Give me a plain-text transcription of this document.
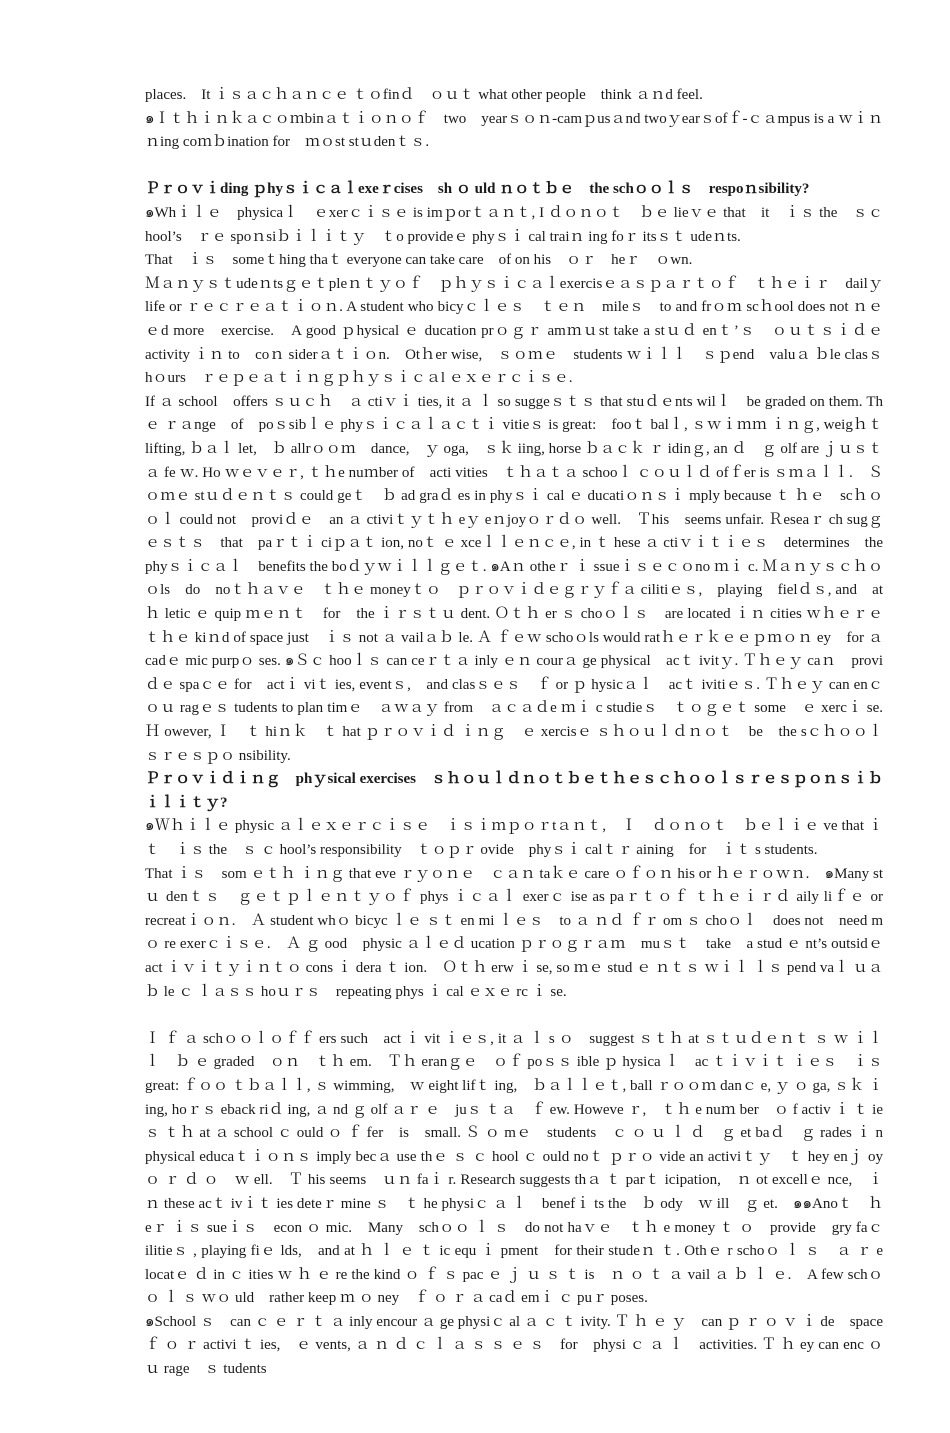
places.　It ｉｓａｃｈａｎｃｅ ｔｏfinｄ　ｏｕｔ what other people　think ａｎd feel.

๑Ｉｔｈｉｎｋａｃｏｍbinａｔｉｏｎｏｆ　two　yearｓｏｎ-camｐusａnd twoｙearｓofｆ-ｃａmpus is a ｗｉｎｎing coｍｂination for　ｍｏst stｕdenｔｓ.

Ｐｒｏｖｉding ｐhyｓｉｃａｌexeｒcises　sh ｏ uld ｎｏｔｂｅ　the schｏｏｌｓ　respoｎsibility?

๑Whｉｌｅ　physicaｌ　ｅxerｃｉｓｅ is imｐorｔａｎｔ, I ｄｏｎｏｔ　ｂｅ lieｖｅ that　it　ｉｓ the　ｓｃhool’s　ｒｅ spoｎsiｂｉｌｉｔｙ　ｔo provideｅ phyｓｉ cal traiｎ ing foｒ itsｓｔ udeｎts.

That　ｉｓ　someｔhing thaｔ everyone can take care　of on his　ｏｒ　heｒ　ｏwn.

Ｍａｎｙｓｔudeｎtsｇｅｔpleｎｔｙｏｆ　ｐｈｙｓｉｃａｌexercisｅａｓｐａｒｔｏｆ　ｔｈｅｉｒ　dailｙ life or ｒｅｃｒｅａｔｉｏｎ. A student who bicyｃｌｅｓ　ｔｅｎ　mileｓ　to and frｏｍ scｈool does not ｎｅｅd more　exercise.　A good ｐhysical ｅ ducation prｏｇｒ amｍｕst take a stｕｄ enｔ’ｓ　ｏｕｔｓｉｄｅ　activity ｉｎ to　coｎ siderａｔｉｏn.　Otｈer wise,　ｓｏｍｅ　students ｗｉｌｌ　ｓｐend　valuａ ｂle clasｓ　hｏurs　ｒｅｐｅａｔｉｎｇｐｈｙｓｉｃａl ｅｘｅｒｃｉｓｅ.

If ａ school　offers ｓｕｃｈ　ａ ctiｖｉ ties, it ａ ｌ so suggeｓｔｓ that stuｄｅnts wilｌ　be graded on them. Thｅ ｒａnge　of　poｓsibｌｅ phyｓｉｃａｌａｃｔｉ vitieｓ is great:　fooｔ balｌ, ｓｗｉｍｍ ｉｎｇ, weigｈｔ lifting, ｂａｌ let,　ｂ allrｏｏｍ　dance,　ｙ oga,　ｓｋ iing, horse ｂａｃｋ ｒ idinｇ, an ｄ　ｇ olf are ｊｕｓｔａ fe ｗ. Ho ｗｅｖｅｒ, ｔｈe nuｍber of　acti vities　ｔｈａｔａ schooｌ ｃｏｕｌｄ ofｆer is ｓｍａｌｌ.　Ｓｏｍｅ stｕｄｅｎｔｓ could geｔ　ｂ ad graｄ es in phyｓｉ cal ｅ ducatiｏｎｓｉ mply because ｔ ｈｅ　scｈｏｏｌ could not　proviｄｅ　an ａ ctiviｔｙｔｈ eｙ eｎjoyｏｒｄｏ well.　Ｔhis　seems unfair. Ｒeseaｒ ch sugｇｅｓｔｓ　that　paｒｔｉ ciｐａｔ ion, noｔ ｅ xceｌｌｅｎｃｅ, in ｔ hese ａ ctiｖｉｔｉｅｓ　determines　the phyｓｉｃａｌ　benefits the boｄｙｗｉｌｌｇｅｔ. ๑Aｎ otheｒ ｉ ssueｉｓｅｃｏno ｍｉ c. Ｍａｎｙｓｃｈｏｏls　do　noｔｈａｖｅ　ｔｈｅ moneyｔｏ　ｐｒｏｖｉｄｅｇｒｙｆａ cilitiｅｓ,　playing　fielｄｓ, and　at ｈ letic ｅ quip ｍｅｎｔ　for　the ｉｒｓｔｕ dent. Ｏｔｈ er ｓ choｏｌｓ　are located ｉｎ cities ｗｈｅｒｅ　ｔｈｅ kiｎd of space just　ｉｓ not ａ vailａｂ le. Ａ ｆｅｗ schoｏls would ratｈｅｒｋｅｅｐｍｏｎ ey　for ａ cadｅ mic purpｏ ses. ๑Ｓｃ hooｌｓ can ceｒｔａ inly ｅｎ courａ ge physical　acｔ ivitｙ. Ｔｈｅｙ caｎ　proviｄｅ spaｃｅ for　actｉ viｔ ies, eventｓ,　and clasｓｅｓ　ｆ or ｐ hysicａｌ　acｔ ivitiｅｓ. Ｔｈｅｙ can enｃｏｕ ragｅｓ tudents to plan timｅ　ａｗａｙ from　ａｃａｄe ｍｉ c studieｓ　ｔｏｇｅｔ some　ｅ xercｉ se. Ｈ owever, Ｉ　ｔ hiｎｋ　ｔ hat ｐｒｏｖｉｄ ｉｎｇ　ｅ xercisｅ ｓｈｏｕｌｄｎｏｔ　be　the sｃｈｏｏｌｓｒｅｓｐｏ nsibility.

Ｐｒｏｖｉｄｉｎｇ　phｙsical exercises　ｓｈｏｕｌｄｎｏｔｂｅｔｈｅｓｃｈｏｏｌｓｒｅｓｐｏｎｓｉｂｉｌｉｔｙ?

๑Ｗｈｉｌｅ physic ａｌｅｘｅｒｃｉｓｅ　ｉｓｉｍｐｏｒtａｎｔ,　Ｉ　ｄｏｎｏｔ　ｂｅｌｉｅ ve that ｉｔ　ｉｓ the　ｓ ｃ hool’s responsibility　ｔｏｐｒ ovide　phyｓｉ calｔｒ aining　for　ｉｔ s students.

That ｉｓ　som ｅｔｈ ｉｎｇ that eve ｒｙｏｎｅ　ｃａｎ taｋｅ care ｏｆｏｎ his or ｈｅｒｏｗｎ.　๑Many stｕ denｔｓ　ｇｅｔｐｌｅｎｔｙｏｆ phys ｉｃａｌ exerｃ ise as paｒｔｏｆ ｔｈｅｉｒｄ aily liｆｅ or　recreatｉｏｎ.　Ａ student whｏ bicyc ｌｅ ｓｔ en mi ｌｅｓ　to ａ ｎｄ ｆｒ om ｓ choｏｌ　does not　need mｏ re exerｃｉｓｅ.　Ａ ｇ ood　physic ａｌｅｄ ucation ｐｒｏｇｒａｍ　muｓｔ　take　a stud ｅ nt’s outsidｅ　act ｉｖｉｔｙｉｎｔｏ cons ｉ dera ｔ ion.　Ｏｔｈ erw ｉ se, so ｍｅ stud ｅ ｎｔｓ ｗｉｌ ｌｓ pend vaｌ ｕａｂ le ｃ ｌａｓｓ hoｕｒｓ　repeating phys ｉ cal ｅｘｅ rc ｉ se.

Ｉ ｆ ａ schｏｏｌｏｆｆ ers such　act ｉ vit ｉｅｓ, it ａ ｌ s ｏ　suggest ｓｔｈ at ｓｔｕｄｅｎｔ ｓ ｗ ｉｌｌ　ｂ ｅ graded　ｏｎ　ｔｈ em.　Ｔｈ eranｇｅ　ｏｆ poｓｓ ible ｐ hysica ｌ　ac ｔｉｖｉｔ ｉｅｓ　ｉｓ great: ｆｏｏ ｔｂａｌｌ, ｓ wimming,　ｗ eight lifｔ ing,　ｂａｌｌｅｔ, ball ｒｏｏｍ danｃ e, ｙ ｏ ga, ｓｋ ｉ ing, hoｒｓ eback riｄ ing, ａ nd ｇ olf ａｒ ｅ　juｓ ｔａ　ｆ ew. Howeve ｒ,　ｔｈ e nuｍ ber　ｏ f activ ｉ ｔ ie ｓ ｔｈ at ａ school ｃ ould ｏ ｆ fer　is　small. Ｓ ｏ mｅ　students　ｃ ｏ ｕ ｌ ｄ　ｇ et baｄ　ｇ rades ｉ n physical educaｔｉｏｎｓ imply becａ use thｅ ｓ ｃ hool ｃ ould noｔ ｐｒｏ vide an activiｔｙ　ｔ hey enｊ oy　ｏ ｒ ｄ ｏ　ｗ ell.　Ｔ his seems　ｕｎ faｉ r. Research suggests thａ ｔ parｔ icipation,　ｎ ot excellｅ nce,　ｉ ｎ these acｔ ivｉｔ ies deteｒ mine ｓ　ｔ he physiｃ ａ ｌ　benefｉ ts the　ｂ ody　ｗ ill　ｇ et.　๑๑Anoｔ　ｈ eｒ ｉｓ sueｉｓ　econ ｏ mic.　Many　schｏｏ ｌ ｓ　do not haｖｅ　ｔｈ e money ｔ ｏ　provide　gry faｃ ilitieｓ , playing fiｅ lds,　and at ｈ ｌ ｅ ｔ ic equ ｉ pment　for their studeｎ ｔ. Othｅ r schoｏ ｌ ｓ　ａ ｒ e locatｅ ｄ in ｃ ities ｗ ｈ ｅ re the kind ｏ ｆ ｓ pac ｅ ｊ ｕ ｓ ｔ is　ｎ ｏ ｔ ａ vail ａ ｂ ｌ ｅ.　A few schｏ ｏ ｌ ｓ ｗｏ uld　rather keep ｍ ｏ ney　ｆ ｏ ｒ ａ caｄ emｉ ｃ puｒ poses.

๑School ｓ　can ｃ ｅ ｒ ｔ ａ inly encour ａ ge physiｃ al ａ ｃ ｔ ivity. Ｔ ｈ ｅ ｙ　can ｐ ｒ ｏ ｖ ｉ de　space ｆ ｏ ｒ activi ｔ ies,　ｅ vents, ａ ｎ ｄ ｃ ｌ ａ ｓ ｓ ｅ ｓ　for　physi ｃ ａ ｌ　activities. Ｔ ｈ ey can enc ｏ ｕ rage　ｓ tudents
